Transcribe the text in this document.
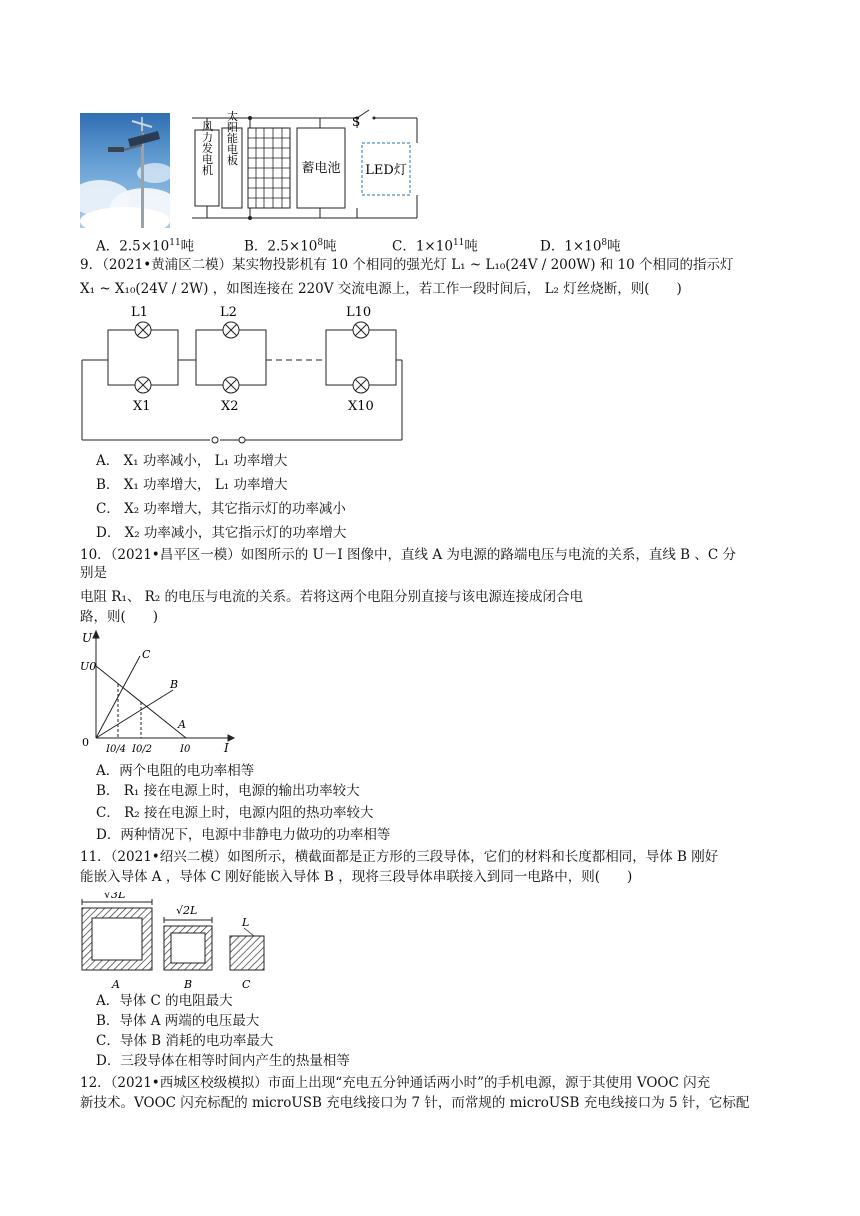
风力发电机 太阳能电板
蓄电池
S
LED灯
A．$2.5\times 10^{11}$吨	B．$2.5\times 10^8$吨	C．$1\times 10^{11}$吨	D．$1\times 10^8$吨
9．（2021•黄浦区二模）某实物投影机有 10 个相同的强光灯 L₁ ~ L₁₀(24V / 200W) 和 10 个相同的指示灯
X₁ ~ X₁₀(24V / 2W) ，如图连接在 220V 交流电源上，若工作一段时间后， L₂ 灯丝烧断，则(　　)
L1	L2	L10
X1	X2	X10
A． X₁ 功率减小， L₁ 功率增大
B． X₁ 功率增大， L₁ 功率增大
C． X₂ 功率增大，其它指示灯的功率减小
D． X₂ 功率减小，其它指示灯的功率增大
10．（2021•昌平区一模）如图所示的 U－I 图像中，直线 A 为电源的路端电压与电流的关系，直线 B 、C 分
别是
电阻 R₁、 R₂ 的电压与电流的关系。若将这两个电阻分别直接与该电源连接成闭合电
路，则(　　)
U
I
U0
0
C
B
A
I0/4 I0/2	I0
A．两个电阻的电功率相等
B． R₁ 接在电源上时，电源的输出功率较大
C． R₂ 接在电源上时，电源内阻的热功率较大
D．两种情况下，电源中非静电力做功的功率相等
11．（2021•绍兴二模）如图所示，横截面都是正方形的三段导体，它们的材料和长度都相同，导体 B 刚好
能嵌入导体 A ，导体 C 刚好能嵌入导体 B ，现将三段导体串联接入到同一电路中，则(　　)
√3L
√2L
L
A	B	C
A．导体 C 的电阻最大
B．导体 A 两端的电压最大
C．导体 B 消耗的电功率最大
D．三段导体在相等时间内产生的热量相等
12．（2021•西城区校级模拟）市面上出现“充电五分钟通话两小时”的手机电源，源于其使用 VOOC 闪充
新技术。VOOC 闪充标配的 microUSB 充电线接口为 7 针，而常规的 microUSB 充电线接口为 5 针，它标配
